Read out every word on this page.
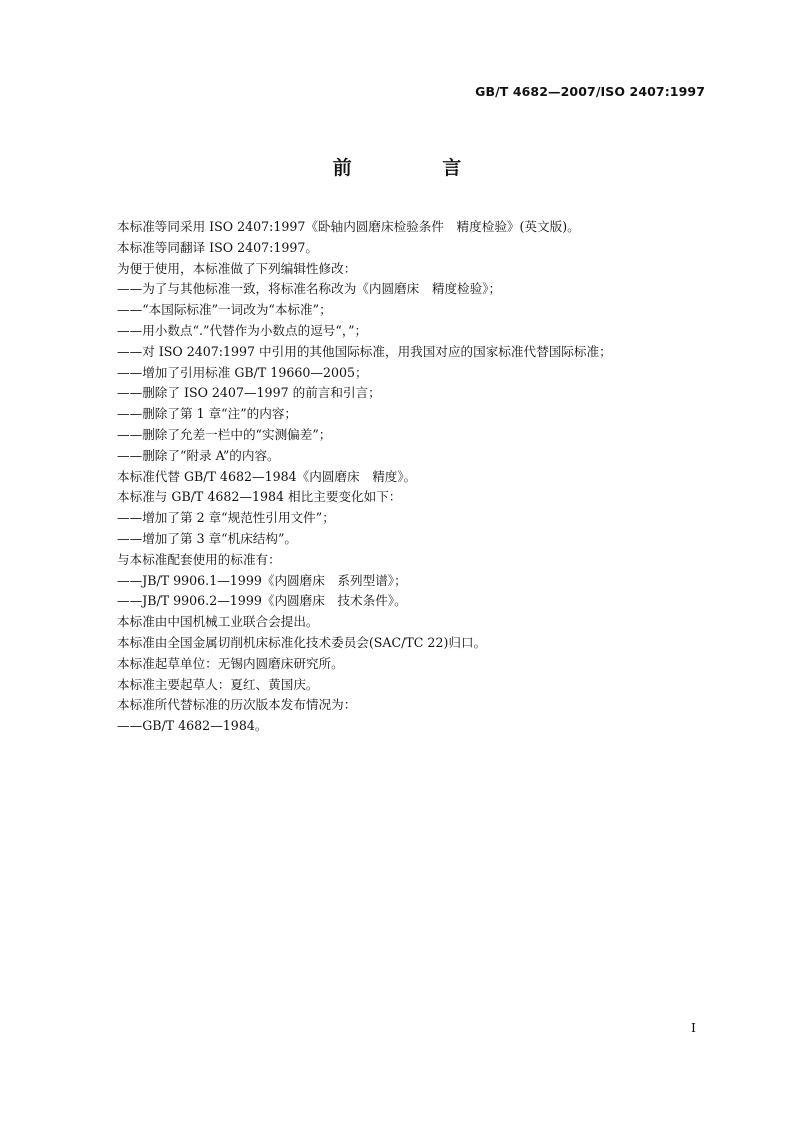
GB/T 4682—2007/ISO 2407:1997
前 言
本标准等同采用 ISO 2407:1997《卧轴内圆磨床检验条件　精度检验》(英文版)。
本标准等同翻译 ISO 2407:1997。
为便于使用，本标准做了下列编辑性修改：
——为了与其他标准一致，将标准名称改为《内圆磨床　精度检验》；
——“本国际标准”一词改为“本标准”；
——用小数点“.”代替作为小数点的逗号“，”；
——对 ISO 2407:1997 中引用的其他国际标准，用我国对应的国家标准代替国际标准；
——增加了引用标准 GB/T 19660—2005；
——删除了 ISO 2407—1997 的前言和引言；
——删除了第 1 章“注”的内容；
——删除了允差一栏中的“实测偏差”；
——删除了“附录 A”的内容。
本标准代替 GB/T 4682—1984《内圆磨床　精度》。
本标准与 GB/T 4682—1984 相比主要变化如下：
——增加了第 2 章“规范性引用文件”；
——增加了第 3 章“机床结构”。
与本标准配套使用的标准有：
——JB/T 9906.1—1999《内圆磨床　系列型谱》；
——JB/T 9906.2—1999《内圆磨床　技术条件》。
本标准由中国机械工业联合会提出。
本标准由全国金属切削机床标准化技术委员会(SAC/TC 22)归口。
本标准起草单位：无锡内圆磨床研究所。
本标准主要起草人：夏红、黄国庆。
本标准所代替标准的历次版本发布情况为：
——GB/T 4682—1984。
I
